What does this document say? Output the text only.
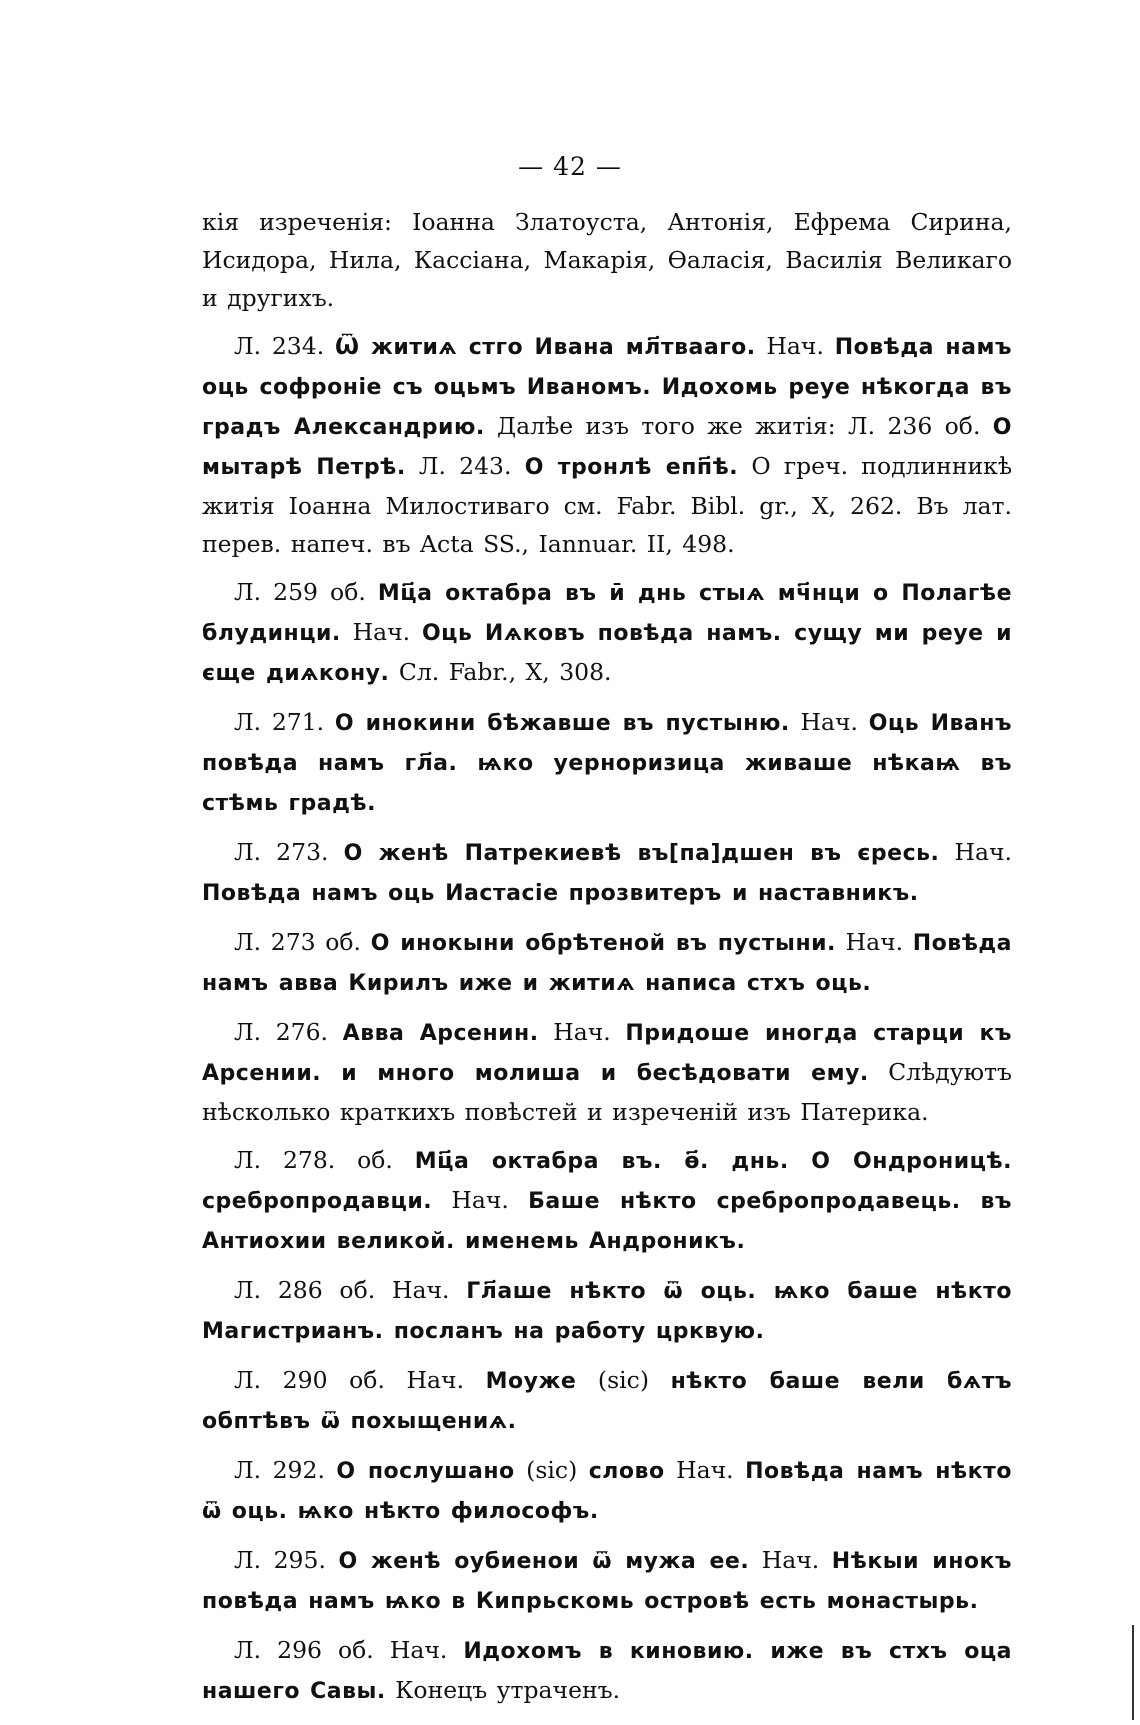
— 42 —

кія изреченія: Іоанна Златоуста, Антонія, Ефрема Сирина, Исидора, Нила, Кассіана, Макарія, Өаласія, Василія Великаго и другихъ.

Л. 234. Ѿ житиѧ стго Ивана мл҃твааго. Нач. Повѣда намъ оць софронiе съ оцьмъ Иваномъ. Идохомь реуе нѣкогда въ градъ Александрию. Далѣе изъ того же житія: Л. 236 об. О мытарѣ Петрѣ. Л. 243. О тронлѣ епп҃ѣ. О греч. подлинникѣ житія Іоанна Милостиваго см. Fabr. Bibl. gr., X, 262. Въ лат. перев. напеч. въ Acta SS., Iannuar. II, 498.

Л. 259 об. Мц҃а октабра въ ӣ днь стыѧ мч҃нци о Полагѣе блудинци. Нач. Оць Иѧковъ повѣда намъ. сущу ми реуе и єще диѧкону. Сл. Fabr., X, 308.

Л. 271. О инокини бѣжавше въ пустыню. Нач. Оць Иванъ повѣда намъ гл҃а. ѩко уерноризица живаше нѣкаѩ въ стѣмь градѣ.

Л. 273. О женѣ Патрекиевѣ въ[па]дшен въ єресь. Нач. Повѣда намъ оць Иастасiе прозвитеръ и наставникъ.

Л. 273 об. О инокыни обрѣтеной въ пустыни. Нач. Повѣда намъ авва Кирилъ иже и житиѧ написа стхъ оць.

Л. 276. Авва Арсенин. Нач. Придоше иногда старци къ Арсении. и много молиша и бесѣдовати ему. Слѣдуютъ нѣсколько краткихъ повѣстей и изреченій изъ Патерика.

Л. 278. об. Мц҃а октабра въ. ѳ҃. днь. О Ондроницѣ. сребропродавци. Нач. Баше нѣкто сребропродавець. въ Антиохии великой. именемь Андроникъ.

Л. 286 об. Нач. Гл҃аше нѣкто ѿ оць. ѩко баше нѣкто Магистрианъ. посланъ на работу црквую.

Л. 290 об. Нач. Моуже (sic) нѣкто баше вели бѧтъ обптѣвъ ѿ похыщениѧ.

Л. 292. О послушано (sic) слово Нач. Повѣда намъ нѣкто ѿ оць. ѩко нѣкто философъ.

Л. 295. О женѣ оубиенои ѿ мужа ее. Нач. Нѣкыи инокъ повѣда намъ ѩко в Кипрьскомь островѣ есть монастырь.

Л. 296 об. Нач. Идохомъ в киновию. иже въ стхъ оца нашего Савы. Конецъ утраченъ.
